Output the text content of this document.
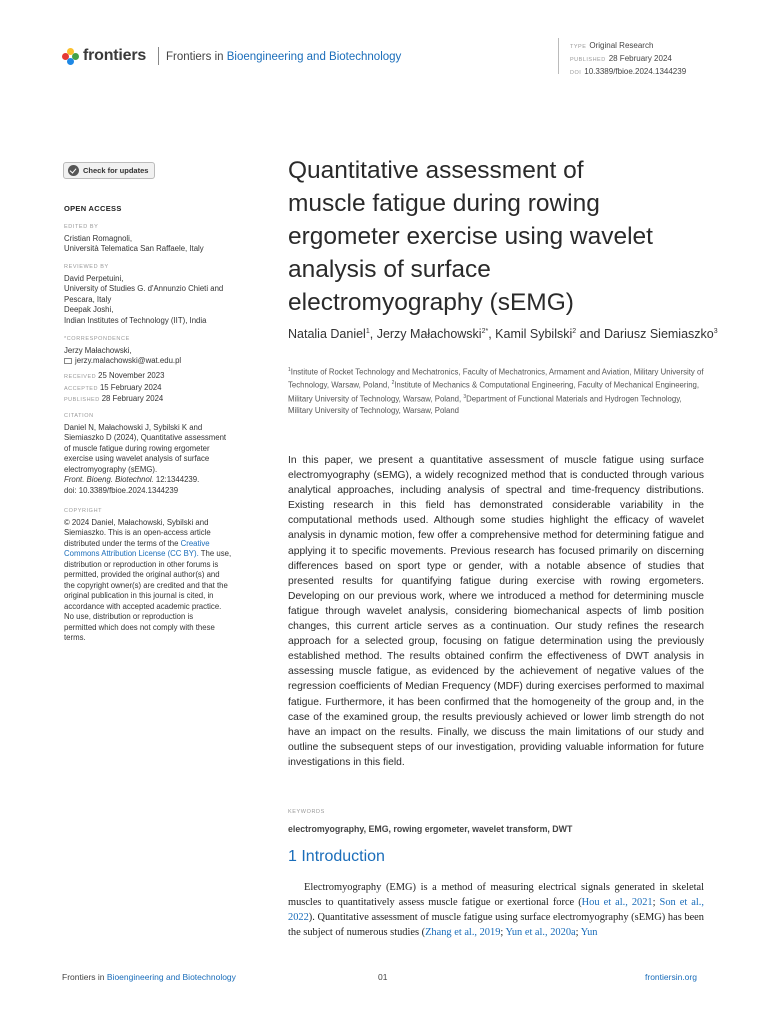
frontiers Frontiers in Bioengineering and Biotechnology
TYPE Original Research
PUBLISHED 28 February 2024
DOI 10.3389/fbioe.2024.1344239
Check for updates
OPEN ACCESS
EDITED BY
Cristian Romagnoli,
Università Telematica San Raffaele, Italy
REVIEWED BY
David Perpetuini,
University of Studies G. d'Annunzio Chieti and
Pescara, Italy
Deepak Joshi,
Indian Institutes of Technology (IIT), India
*CORRESPONDENCE
Jerzy Małachowski,
jerzy.malachowski@wat.edu.pl
RECEIVED 25 November 2023
ACCEPTED 15 February 2024
PUBLISHED 28 February 2024
CITATION
Daniel N, Małachowski J, Sybilski K and
Siemiaszko D (2024), Quantitative assessment
of muscle fatigue during rowing ergometer
exercise using wavelet analysis of surface
electromyography (sEMG).
Front. Bioeng. Biotechnol. 12:1344239.
doi: 10.3389/fbioe.2024.1344239
COPYRIGHT
© 2024 Daniel, Małachowski, Sybilski and
Siemiaszko. This is an open-access article
distributed under the terms of the Creative
Commons Attribution License (CC BY). The use,
distribution or reproduction in other forums is
permitted, provided the original author(s) and
the copyright owner(s) are credited and that the
original publication in this journal is cited, in
accordance with accepted academic practice.
No use, distribution or reproduction is
permitted which does not comply with these
terms.
Quantitative assessment of
muscle fatigue during rowing
ergometer exercise using wavelet
analysis of surface
electromyography (sEMG)
Natalia Daniel$^1$, Jerzy Małachowski$^{2*}$, Kamil Sybilski$^2$ and Dariusz Siemiaszko$^3$
$^1$Institute of Rocket Technology and Mechatronics, Faculty of Mechatronics, Armament and Aviation, Military University of Technology, Warsaw, Poland, $^2$Institute of Mechanics & Computational Engineering, Faculty of Mechanical Engineering, Military University of Technology, Warsaw, Poland, $^3$Department of Functional Materials and Hydrogen Technology, Military University of Technology, Warsaw, Poland
In this paper, we present a quantitative assessment of muscle fatigue using surface electromyography (sEMG), a widely recognized method that is conducted through various analytical approaches, including analysis of spectral and time-frequency distributions. Existing research in this field has demonstrated considerable variability in the computational methods used. Although some studies highlight the efficacy of wavelet analysis in dynamic motion, few offer a comprehensive method for determining fatigue and applying it to specific movements. Previous research has focused primarily on discerning differences based on sport type or gender, with a notable absence of studies that presented results for quantifying fatigue during exercise with rowing ergometers. Developing on our previous work, where we introduced a method for determining muscle fatigue through wavelet analysis, considering biomechanical aspects of limb position changes, this current article serves as a continuation. Our study refines the research approach for a selected group, focusing on fatigue determination using the previously established method. The results obtained confirm the effectiveness of DWT analysis in assessing muscle fatigue, as evidenced by the achievement of negative values of the regression coefficients of Median Frequency (MDF) during exercises performed to maximal fatigue. Furthermore, it has been confirmed that the homogeneity of the group and, in the case of the examined group, the results previously achieved or lower limb strength do not have an impact on the results. Finally, we discuss the main limitations of our study and outline the subsequent steps of our investigation, providing valuable information for future investigations in this field.
KEYWORDS
electromyography, EMG, rowing ergometer, wavelet transform, DWT
1 Introduction
Electromyography (EMG) is a method of measuring electrical signals generated in skeletal muscles to quantitatively assess muscle fatigue or exertional force (Hou et al., 2021; Son et al., 2022). Quantitative assessment of muscle fatigue using surface electromyography (sEMG) has been the subject of numerous studies (Zhang et al., 2019; Yun et al., 2020a; Yun
Frontiers in Bioengineering and Biotechnology	01	frontiersin.org
